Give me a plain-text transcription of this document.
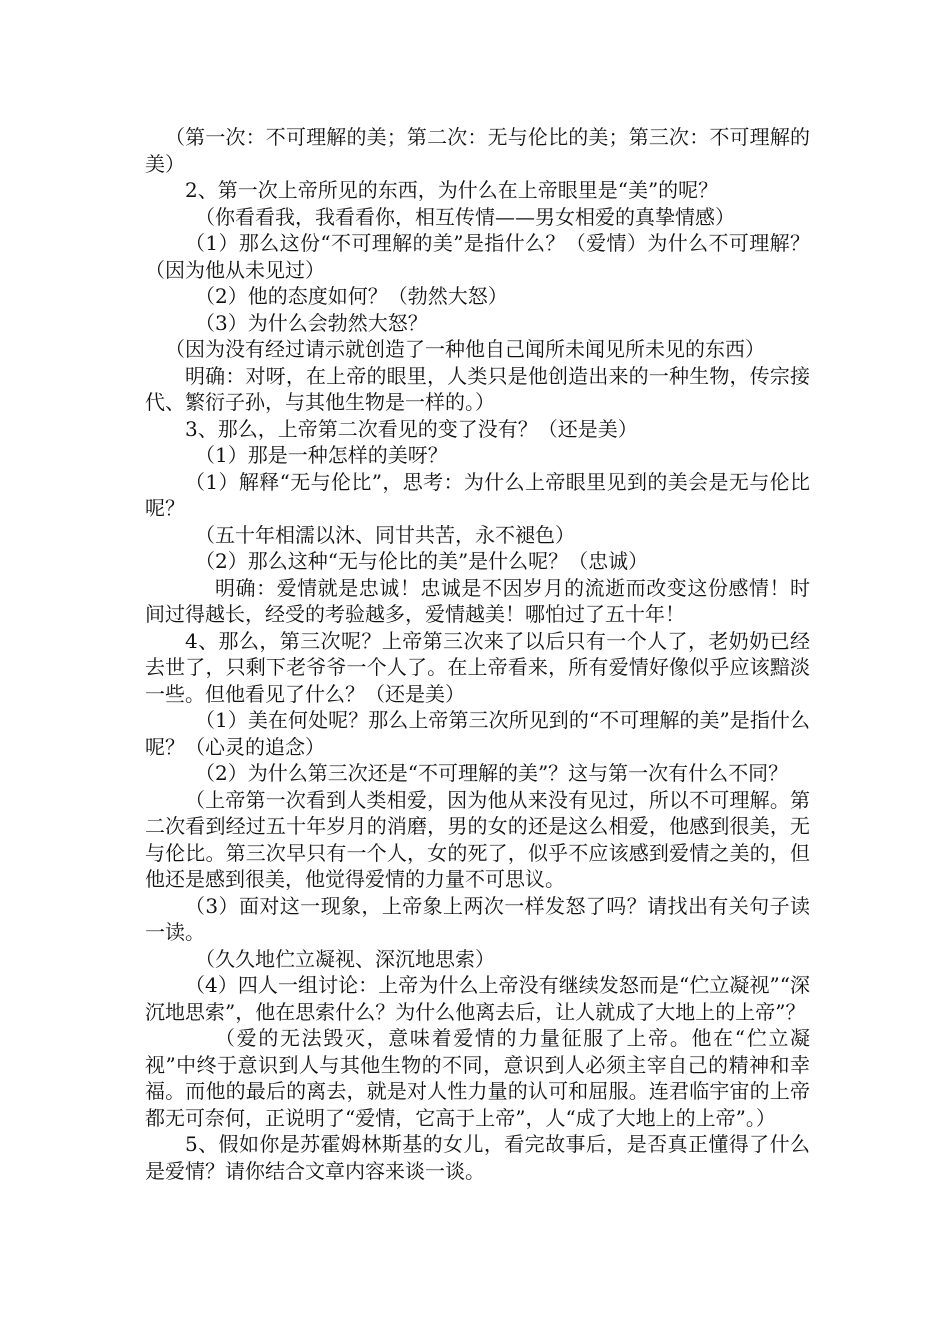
（第一次：不可理解的美；第二次：无与伦比的美；第三次：不可理解的美）

2、第一次上帝所见的东西，为什么在上帝眼里是“美”的呢？

（你看看我，我看看你，相互传情——男女相爱的真挚情感）

（1）那么这份“不可理解的美”是指什么？（爱情）为什么不可理解？（因为他从未见过）

（2）他的态度如何？（勃然大怒）

（3）为什么会勃然大怒？

（因为没有经过请示就创造了一种他自己闻所未闻见所未见的东西）

明确：对呀，在上帝的眼里，人类只是他创造出来的一种生物，传宗接代、繁衍子孙，与其他生物是一样的。）

3、那么，上帝第二次看见的变了没有？（还是美）

（1）那是一种怎样的美呀？

（1）解释“无与伦比”，思考：为什么上帝眼里见到的美会是无与伦比呢？

（五十年相濡以沐、同甘共苦，永不褪色）

（2）那么这种“无与伦比的美”是什么呢？（忠诚）

明确：爱情就是忠诚！忠诚是不因岁月的流逝而改变这份感情！时间过得越长，经受的考验越多，爱情越美！哪怕过了五十年！

4、那么，第三次呢？上帝第三次来了以后只有一个人了，老奶奶已经去世了，只剩下老爷爷一个人了。在上帝看来，所有爱情好像似乎应该黯淡一些。但他看见了什么？（还是美）

（1）美在何处呢？那么上帝第三次所见到的“不可理解的美”是指什么呢？（心灵的追念）

（2）为什么第三次还是“不可理解的美”？这与第一次有什么不同？

（上帝第一次看到人类相爱，因为他从来没有见过，所以不可理解。第二次看到经过五十年岁月的消磨，男的女的还是这么相爱，他感到很美，无与伦比。第三次早只有一个人，女的死了，似乎不应该感到爱情之美的，但他还是感到很美，他觉得爱情的力量不可思议。

（3）面对这一现象，上帝象上两次一样发怒了吗？请找出有关句子读一读。

（久久地伫立凝视、深沉地思索）

（4）四人一组讨论：上帝为什么上帝没有继续发怒而是“伫立凝视”“深沉地思索”，他在思索什么？为什么他离去后，让人就成了大地上的上帝”？

（爱的无法毁灭，意味着爱情的力量征服了上帝。他在“伫立凝视”中终于意识到人与其他生物的不同，意识到人必须主宰自己的精神和幸福。而他的最后的离去，就是对人性力量的认可和屈服。连君临宇宙的上帝都无可奈何，正说明了“爱情，它高于上帝”，人“成了大地上的上帝”。）

5、假如你是苏霍姆林斯基的女儿，看完故事后，是否真正懂得了什么是爱情？请你结合文章内容来谈一谈。
